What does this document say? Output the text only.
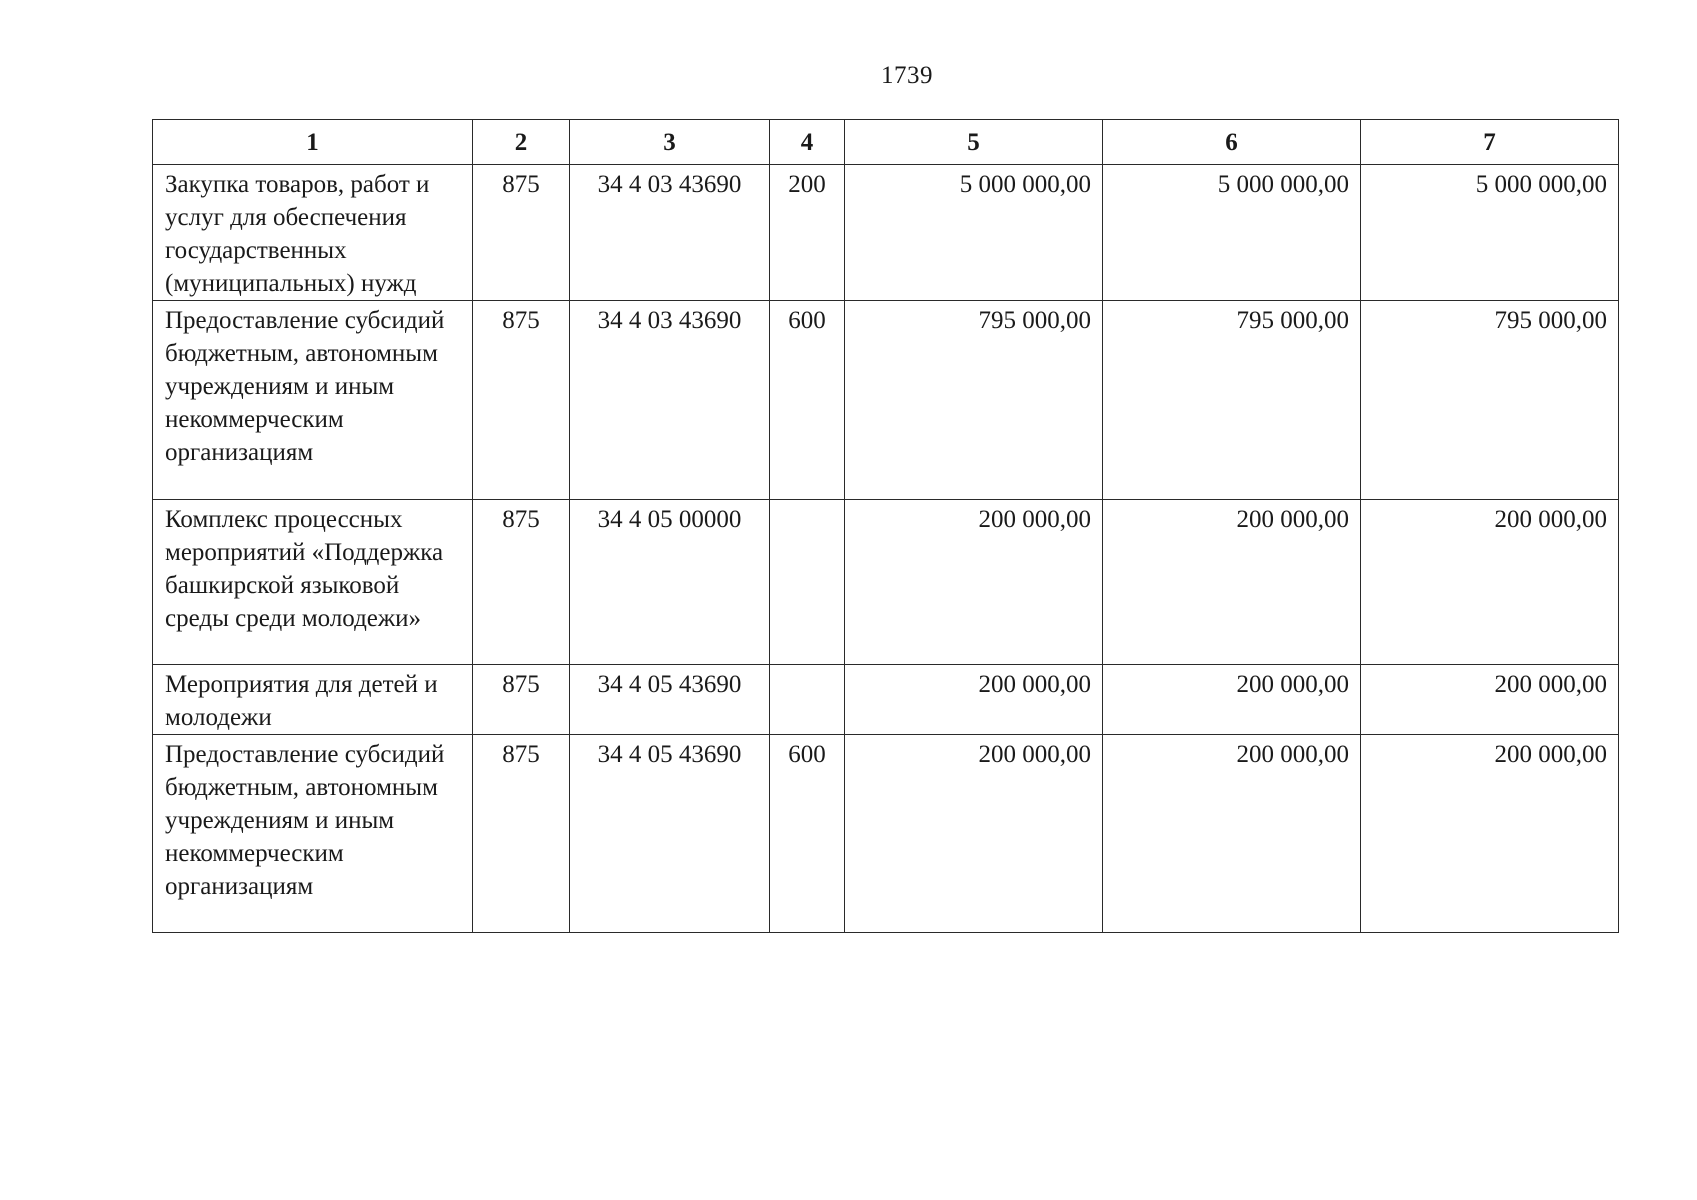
1739
1	2	3	4	5	6	7
Закупка товаров, работ и услуг для обеспечения государственных (муниципальных) нужд	875	34 4 03 43690	200	5 000 000,00	5 000 000,00	5 000 000,00
Предоставление субсидий бюджетным, автономным учреждениям и иным некоммерческим организациям	875	34 4 03 43690	600	795 000,00	795 000,00	795 000,00
Комплекс процессных мероприятий «Поддержка башкирской языковой среды среди молодежи»	875	34 4 05 00000		200 000,00	200 000,00	200 000,00
Мероприятия для детей и молодежи	875	34 4 05 43690		200 000,00	200 000,00	200 000,00
Предоставление субсидий бюджетным, автономным учреждениям и иным некоммерческим организациям	875	34 4 05 43690	600	200 000,00	200 000,00	200 000,00
